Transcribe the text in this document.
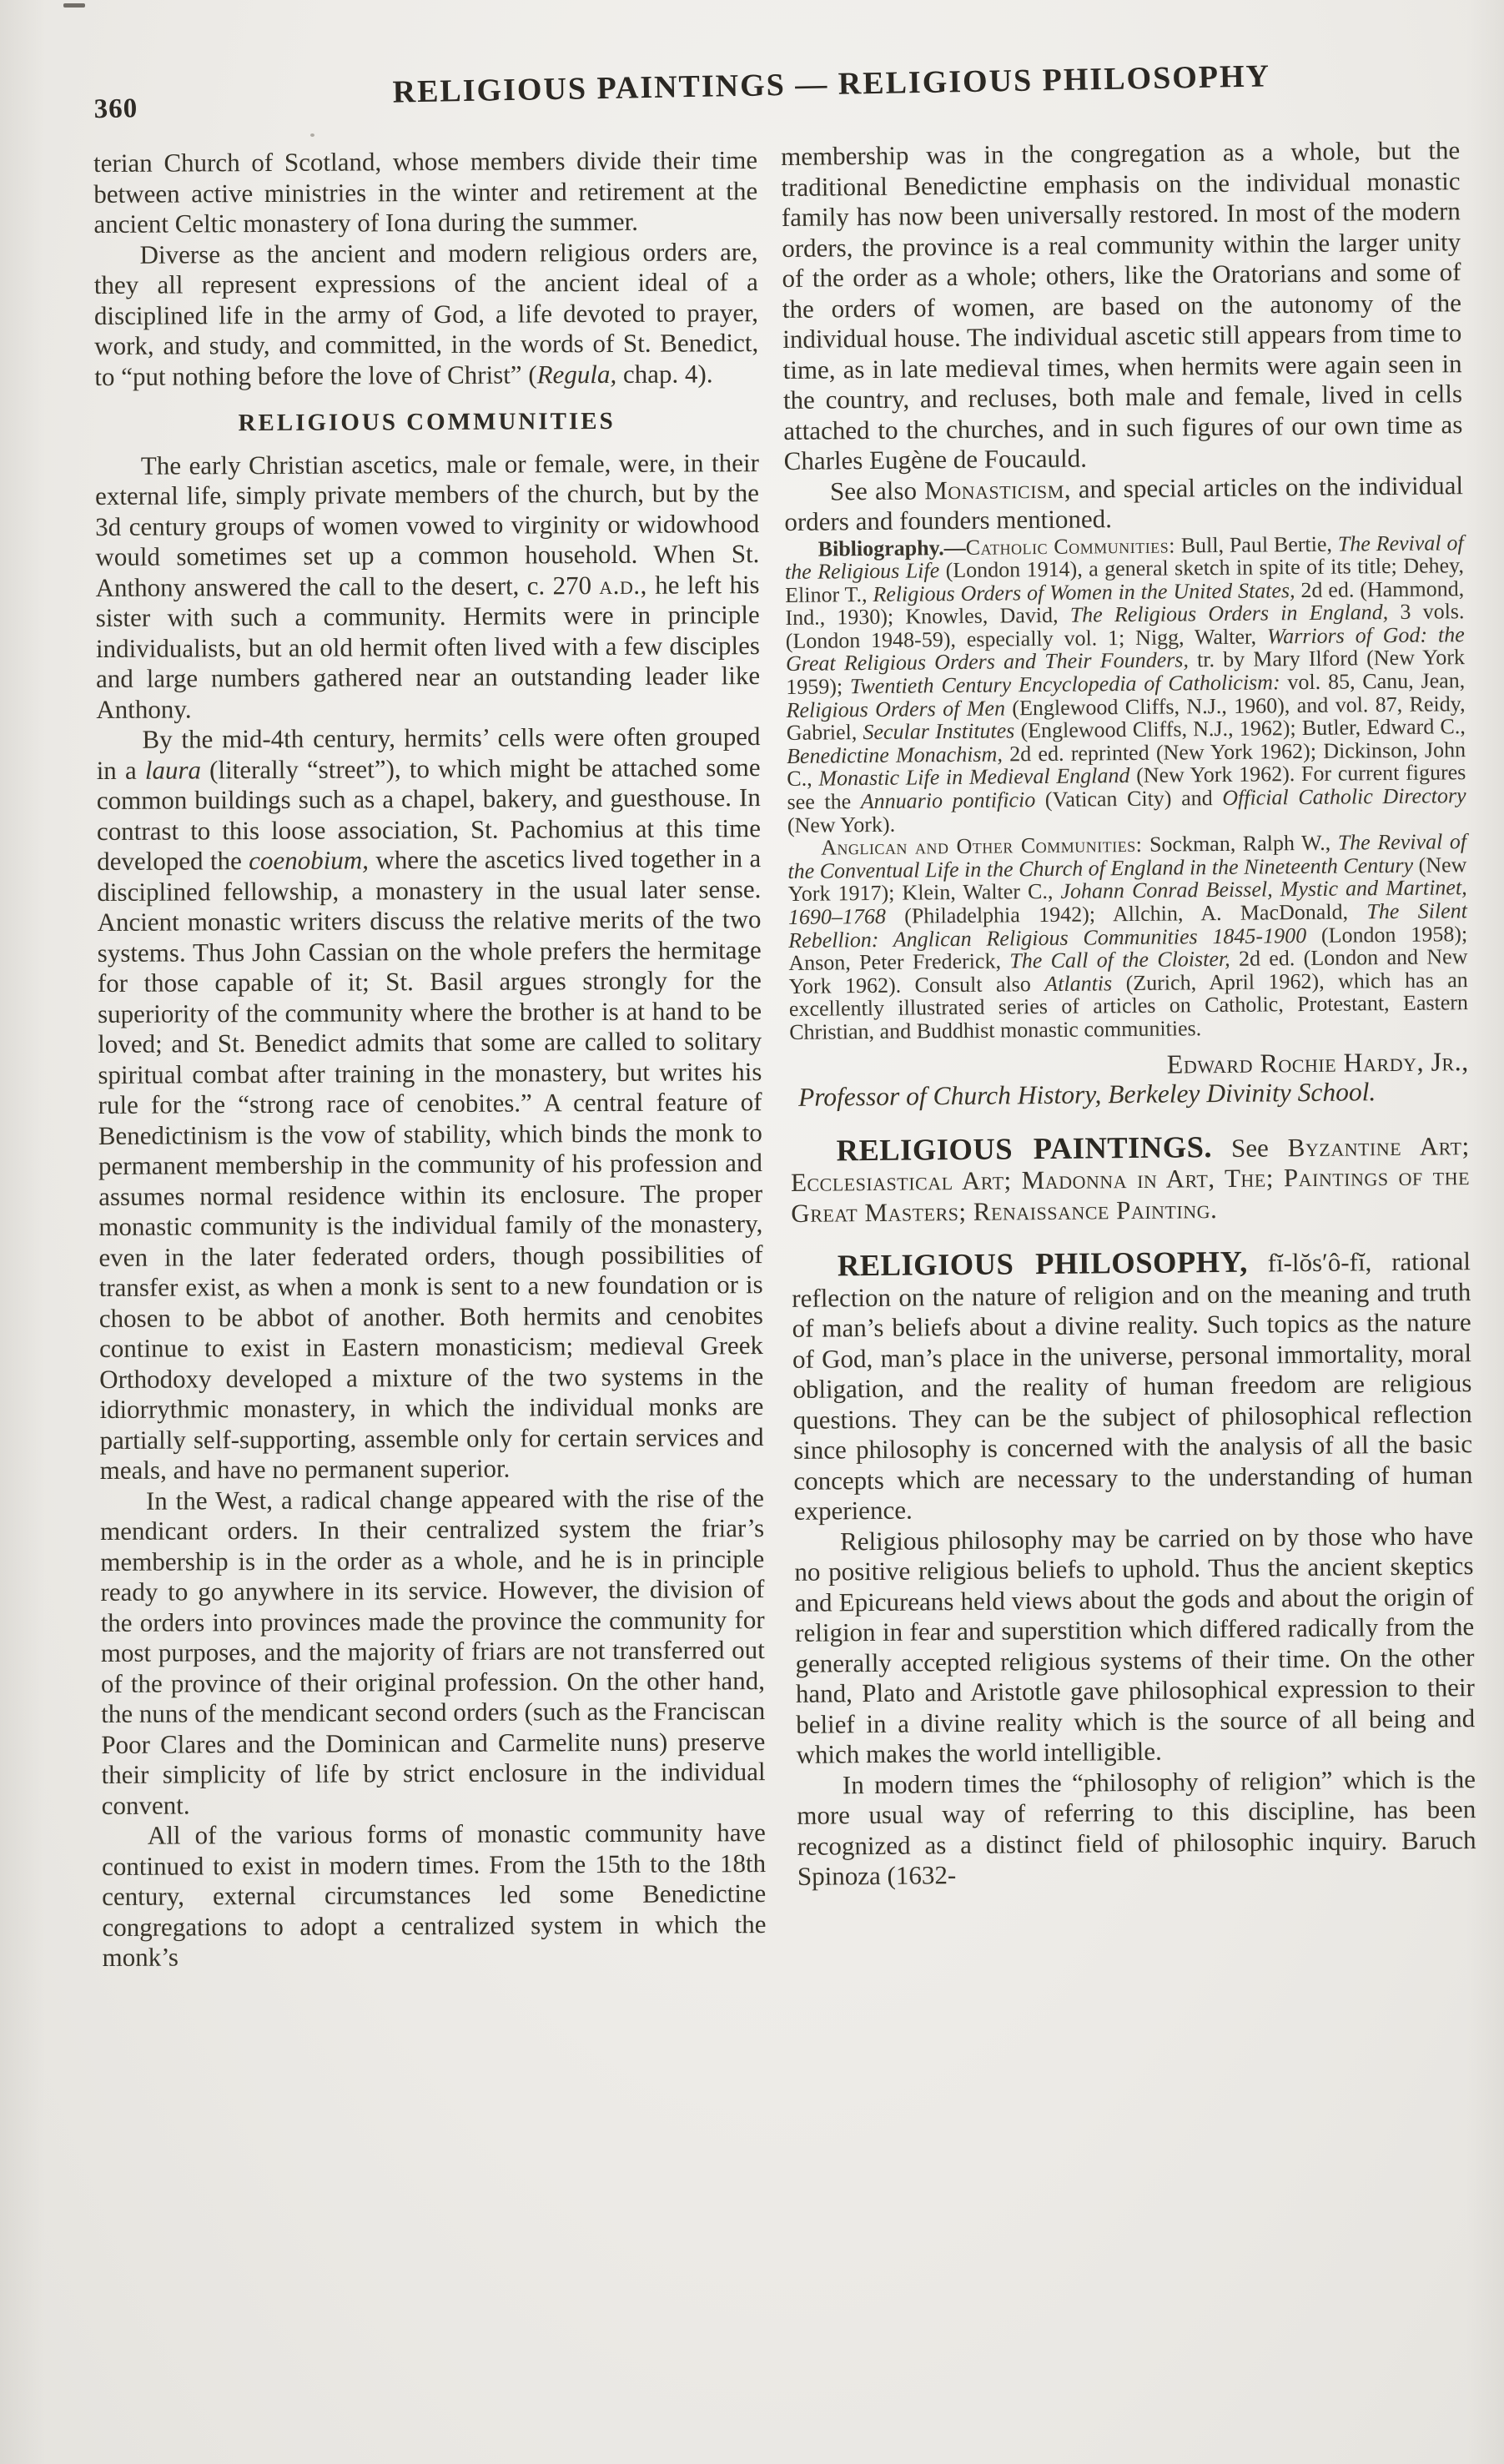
360	RELIGIOUS PAINTINGS — RELIGIOUS PHILOSOPHY

terian Church of Scotland, whose members divide their time between active ministries in the winter and retirement at the ancient Celtic monastery of Iona during the summer.

Diverse as the ancient and modern religious orders are, they all represent expressions of the ancient ideal of a disciplined life in the army of God, a life devoted to prayer, work, and study, and committed, in the words of St. Benedict, to “put nothing before the love of Christ” (Regula, chap. 4).

RELIGIOUS COMMUNITIES

The early Christian ascetics, male or female, were, in their external life, simply private members of the church, but by the 3d century groups of women vowed to virginity or widowhood would sometimes set up a common household. When St. Anthony answered the call to the desert, c. 270 a.d., he left his sister with such a community. Hermits were in principle individualists, but an old hermit often lived with a few disciples and large numbers gathered near an outstanding leader like Anthony.

By the mid-4th century, hermits’ cells were often grouped in a laura (literally “street”), to which might be attached some common buildings such as a chapel, bakery, and guesthouse. In contrast to this loose association, St. Pachomius at this time developed the coenobium, where the ascetics lived together in a disciplined fellowship, a monastery in the usual later sense. Ancient monastic writers discuss the relative merits of the two systems. Thus John Cassian on the whole prefers the hermitage for those capable of it; St. Basil argues strongly for the superiority of the community where the brother is at hand to be loved; and St. Benedict admits that some are called to solitary spiritual combat after training in the monastery, but writes his rule for the “strong race of cenobites.” A central feature of Benedictinism is the vow of stability, which binds the monk to permanent membership in the community of his profession and assumes normal residence within its enclosure. The proper monastic community is the individual family of the monastery, even in the later federated orders, though possibilities of transfer exist, as when a monk is sent to a new foundation or is chosen to be abbot of another. Both hermits and cenobites continue to exist in Eastern monasticism; medieval Greek Orthodoxy developed a mixture of the two systems in the idiorrythmic monastery, in which the individual monks are partially self-supporting, assemble only for certain services and meals, and have no permanent superior.

In the West, a radical change appeared with the rise of the mendicant orders. In their centralized system the friar’s membership is in the order as a whole, and he is in principle ready to go anywhere in its service. However, the division of the orders into provinces made the province the community for most purposes, and the majority of friars are not transferred out of the province of their original profession. On the other hand, the nuns of the mendicant second orders (such as the Franciscan Poor Clares and the Dominican and Carmelite nuns) preserve their simplicity of life by strict enclosure in the individual convent.

All of the various forms of monastic community have continued to exist in modern times. From the 15th to the 18th century, external circumstances led some Benedictine congregations to adopt a centralized system in which the monk’s

membership was in the congregation as a whole, but the traditional Benedictine emphasis on the individual monastic family has now been universally restored. In most of the modern orders, the province is a real community within the larger unity of the order as a whole; others, like the Oratorians and some of the orders of women, are based on the autonomy of the individual house. The individual ascetic still appears from time to time, as in late medieval times, when hermits were again seen in the country, and recluses, both male and female, lived in cells attached to the churches, and in such figures of our own time as Charles Eugène de Foucauld.

See also Monasticism, and special articles on the individual orders and founders mentioned.

Bibliography.—Catholic Communities: Bull, Paul Bertie, The Revival of the Religious Life (London 1914), a general sketch in spite of its title; Dehey, Elinor T., Religious Orders of Women in the United States, 2d ed. (Hammond, Ind., 1930); Knowles, David, The Religious Orders in England, 3 vols. (London 1948-59), especially vol. 1; Nigg, Walter, Warriors of God: the Great Religious Orders and Their Founders, tr. by Mary Ilford (New York 1959); Twentieth Century Encyclopedia of Catholicism: vol. 85, Canu, Jean, Religious Orders of Men (Englewood Cliffs, N.J., 1960), and vol. 87, Reidy, Gabriel, Secular Institutes (Englewood Cliffs, N.J., 1962); Butler, Edward C., Benedictine Monachism, 2d ed. reprinted (New York 1962); Dickinson, John C., Monastic Life in Medieval England (New York 1962). For current figures see the Annuario pontificio (Vatican City) and Official Catholic Directory (New York).

Anglican and Other Communities: Sockman, Ralph W., The Revival of the Conventual Life in the Church of England in the Nineteenth Century (New York 1917); Klein, Walter C., Johann Conrad Beissel, Mystic and Martinet, 1690–1768 (Philadelphia 1942); Allchin, A. MacDonald, The Silent Rebellion: Anglican Religious Communities 1845-1900 (London 1958); Anson, Peter Frederick, The Call of the Cloister, 2d ed. (London and New York 1962). Consult also Atlantis (Zurich, April 1962), which has an excellently illustrated series of articles on Catholic, Protestant, Eastern Christian, and Buddhist monastic communities.

Edward Rochie Hardy, Jr.,

Professor of Church History, Berkeley Divinity School.

RELIGIOUS PAINTINGS. See Byzantine Art; Ecclesiastical Art; Madonna in Art, The; Paintings of the Great Masters; Renaissance Painting.

RELIGIOUS PHILOSOPHY, fĭ-lŏs′ô-fĭ, rational reflection on the nature of religion and on the meaning and truth of man’s beliefs about a divine reality. Such topics as the nature of God, man’s place in the universe, personal immortality, moral obligation, and the reality of human freedom are religious questions. They can be the subject of philosophical reflection since philosophy is concerned with the analysis of all the basic concepts which are necessary to the understanding of human experience.

Religious philosophy may be carried on by those who have no positive religious beliefs to uphold. Thus the ancient skeptics and Epicureans held views about the gods and about the origin of religion in fear and superstition which differed radically from the generally accepted religious systems of their time. On the other hand, Plato and Aristotle gave philosophical expression to their belief in a divine reality which is the source of all being and which makes the world intelligible.

In modern times the “philosophy of religion” which is the more usual way of referring to this discipline, has been recognized as a distinct field of philosophic inquiry. Baruch Spinoza (1632-
